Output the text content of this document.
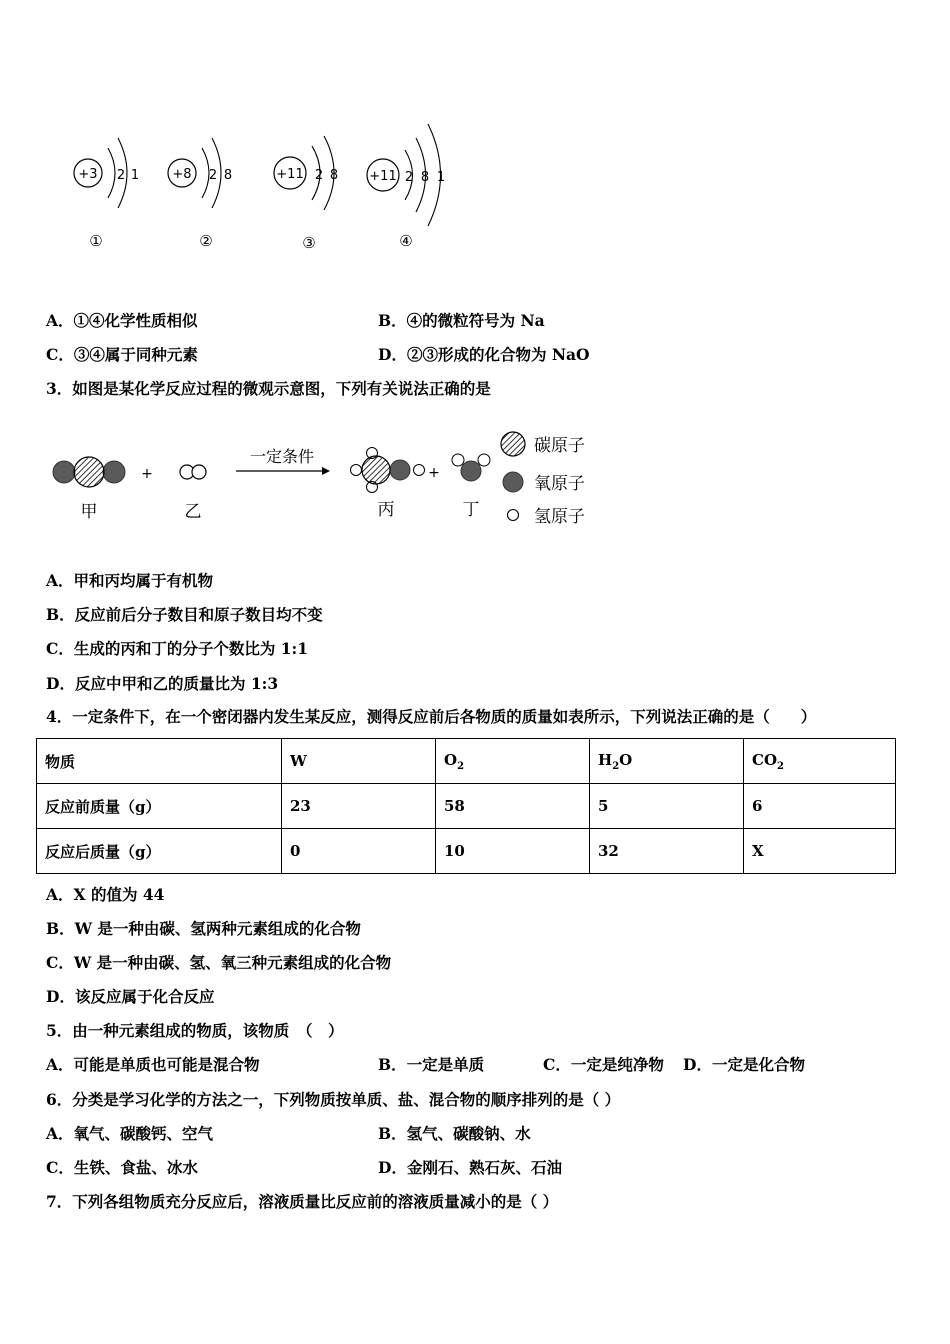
+3 2 1
①
+8 2 8
②
+11 2 8
③
+11 2 8 1
④
A．①④化学性质相似	B．④的微粒符号为 Na
C．③④属于同种元素	D．②③形成的化合物为 NaO
3．如图是某化学反应过程的微观示意图，下列有关说法正确的是
甲
+
乙
一定条件
丙
+
丁
碳原子
氧原子
氢原子
A．甲和丙均属于有机物
B．反应前后分子数目和原子数目均不变
C．生成的丙和丁的分子个数比为 1:1
D．反应中甲和乙的质量比为 1:3
4．一定条件下，在一个密闭器内发生某反应，测得反应前后各物质的质量如表所示，下列说法正确的是（　　）
物质	W	$O_2$	$H_2O$	$CO_2$
反应前质量（g）	23	58	5	6
反应后质量（g）	0	10	32	X
A．X 的值为 44
B．W 是一种由碳、氢两种元素组成的化合物
C．W 是一种由碳、氢、氧三种元素组成的化合物
D．该反应属于化合反应
5．由一种元素组成的物质，该物质　（　）
A．可能是单质也可能是混合物	B．一定是单质	C．一定是纯净物 D．一定是化合物
6．分类是学习化学的方法之一，下列物质按单质、盐、混合物的顺序排列的是（ ）
A．氧气、碳酸钙、空气	B．氢气、碳酸钠、水
C．生铁、食盐、冰水	D．金刚石、熟石灰、石油
7．下列各组物质充分反应后，溶液质量比反应前的溶液质量减小的是（ ）
